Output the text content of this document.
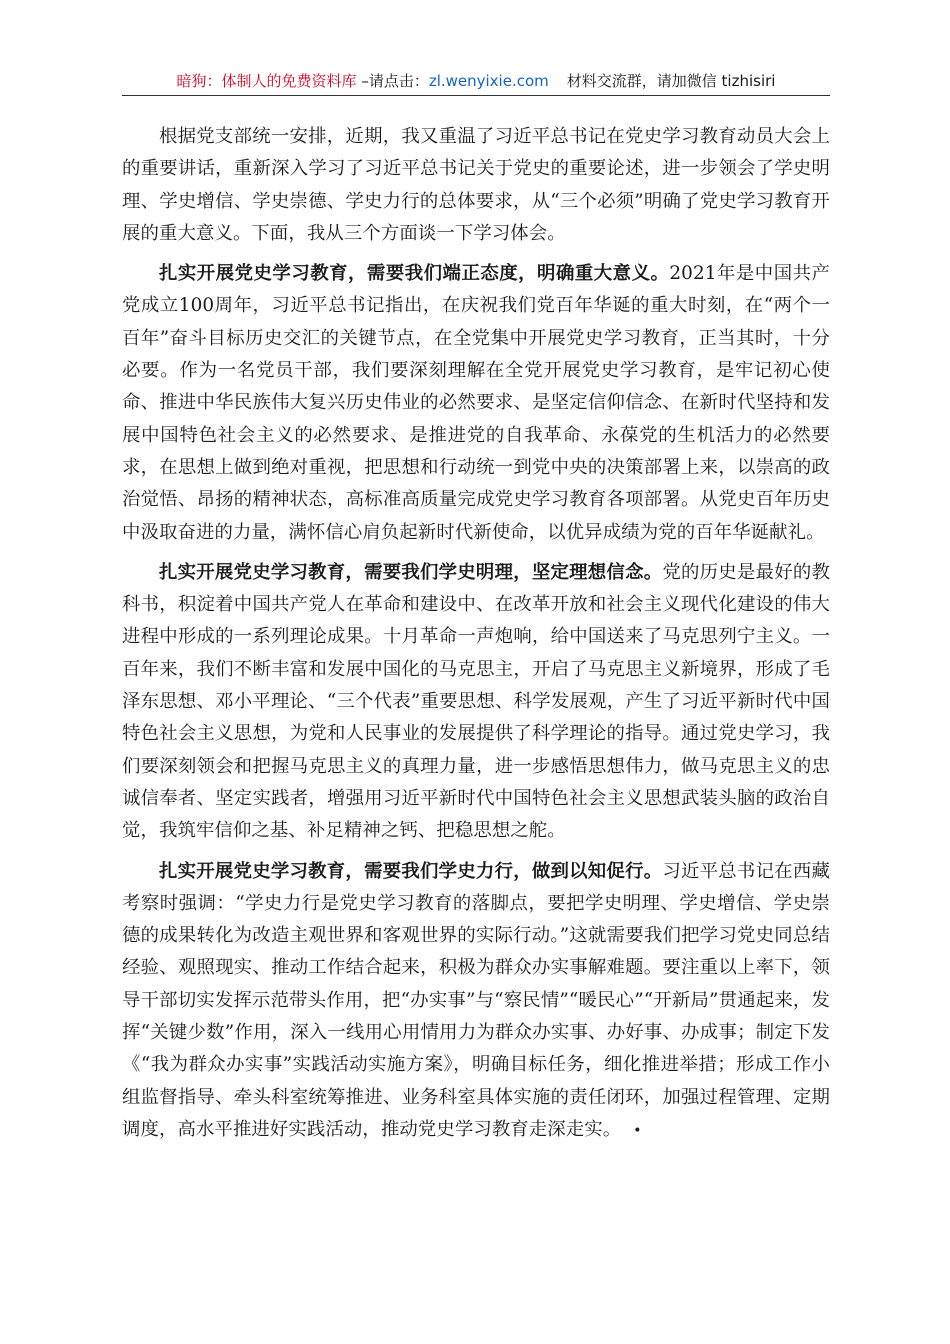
暗狗：体制人的免费资料库 –请点击：zl.wenyixie.com 材料交流群，请加微信 tizhisiri

根据党支部统一安排，近期，我又重温了习近平总书记在党史学习教育动员大会上的重要讲话，重新深入学习了习近平总书记关于党史的重要论述，进一步领会了学史明理、学史增信、学史崇德、学史力行的总体要求，从“三个必须”明确了党史学习教育开展的重大意义。下面，我从三个方面谈一下学习体会。

扎实开展党史学习教育，需要我们端正态度，明确重大意义。2021年是中国共产党成立100周年，习近平总书记指出，在庆祝我们党百年华诞的重大时刻，在“两个一百年”奋斗目标历史交汇的关键节点，在全党集中开展党史学习教育，正当其时，十分必要。作为一名党员干部，我们要深刻理解在全党开展党史学习教育，是牢记初心使命、推进中华民族伟大复兴历史伟业的必然要求、是坚定信仰信念、在新时代坚持和发展中国特色社会主义的必然要求、是推进党的自我革命、永葆党的生机活力的必然要求，在思想上做到绝对重视，把思想和行动统一到党中央的决策部署上来，以崇高的政治觉悟、昂扬的精神状态，高标准高质量完成党史学习教育各项部署。从党史百年历史中汲取奋进的力量，满怀信心肩负起新时代新使命，以优异成绩为党的百年华诞献礼。

扎实开展党史学习教育，需要我们学史明理，坚定理想信念。党的历史是最好的教科书，积淀着中国共产党人在革命和建设中、在改革开放和社会主义现代化建设的伟大进程中形成的一系列理论成果。十月革命一声炮响，给中国送来了马克思列宁主义。一百年来，我们不断丰富和发展中国化的马克思主，开启了马克思主义新境界，形成了毛泽东思想、邓小平理论、“三个代表”重要思想、科学发展观，产生了习近平新时代中国特色社会主义思想，为党和人民事业的发展提供了科学理论的指导。通过党史学习，我们要深刻领会和把握马克思主义的真理力量，进一步感悟思想伟力，做马克思主义的忠诚信奉者、坚定实践者，增强用习近平新时代中国特色社会主义思想武装头脑的政治自觉，我筑牢信仰之基、补足精神之钙、把稳思想之舵。

扎实开展党史学习教育，需要我们学史力行，做到以知促行。习近平总书记在西藏考察时强调：“学史力行是党史学习教育的落脚点，要把学史明理、学史增信、学史崇德的成果转化为改造主观世界和客观世界的实际行动。”这就需要我们把学习党史同总结经验、观照现实、推动工作结合起来，积极为群众办实事解难题。要注重以上率下，领导干部切实发挥示范带头作用，把“办实事”与“察民情”“暖民心”“开新局”贯通起来，发挥“关键少数”作用，深入一线用心用情用力为群众办实事、办好事、办成事；制定下发《“我为群众办实事”实践活动实施方案》，明确目标任务，细化推进举措；形成工作小组监督指导、牵头科室统筹推进、业务科室具体实施的责任闭环，加强过程管理、定期调度，高水平推进好实践活动，推动党史学习教育走深走实。 •
